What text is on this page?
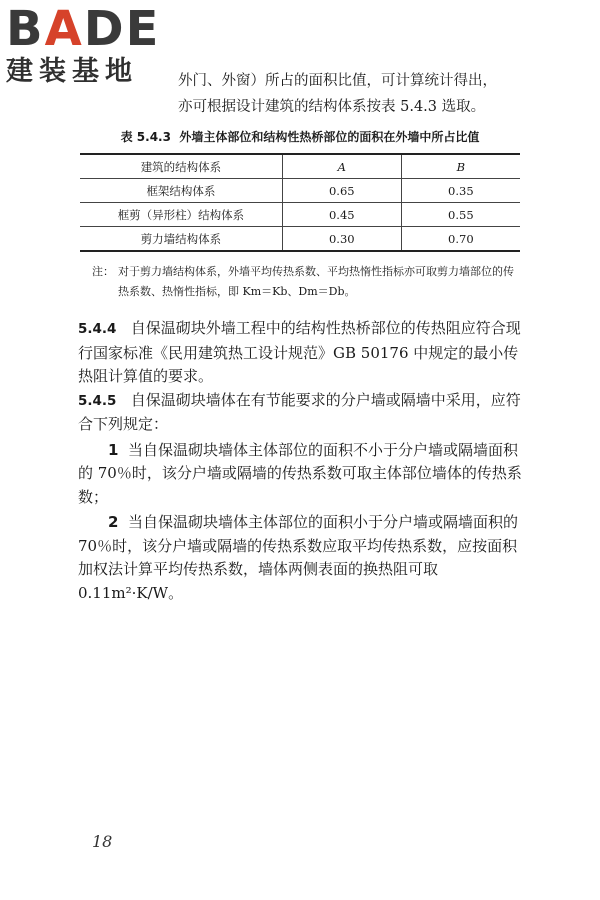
BADE
建装基地	外门、外窗）所占的面积比值，可计算统计得出，
亦可根据设计建筑的结构体系按表 5.4.3 选取。
表 5.4.3 外墙主体部位和结构性热桥部位的面积在外墙中所占比值
建筑的结构体系	A	B
框架结构体系	0.65	0.35
框剪（异形柱）结构体系	0.45	0.55
剪力墙结构体系	0.30	0.70

注： 对于剪力墙结构体系，外墙平均传热系数、平均热惰性指标亦可取剪力墙部位的传热系数、热惰性指标，即 Km＝Kb、Dm＝Db。

5.4.4 自保温砌块外墙工程中的结构性热桥部位的传热阻应符合现行国家标准《民用建筑热工设计规范》GB 50176 中规定的最小传热阻计算值的要求。

5.4.5 自保温砌块墙体在有节能要求的分户墙或隔墙中采用，应符合下列规定：

1 当自保温砌块墙体主体部位的面积不小于分户墙或隔墙面积的 70％时，该分户墙或隔墙的传热系数可取主体部位墙体的传热系数；

2 当自保温砌块墙体主体部位的面积小于分户墙或隔墙面积的 70％时，该分户墙或隔墙的传热系数应取平均传热系数，应按面积加权法计算平均传热系数，墙体两侧表面的换热阻可取 0.11m²·K/W。

18
